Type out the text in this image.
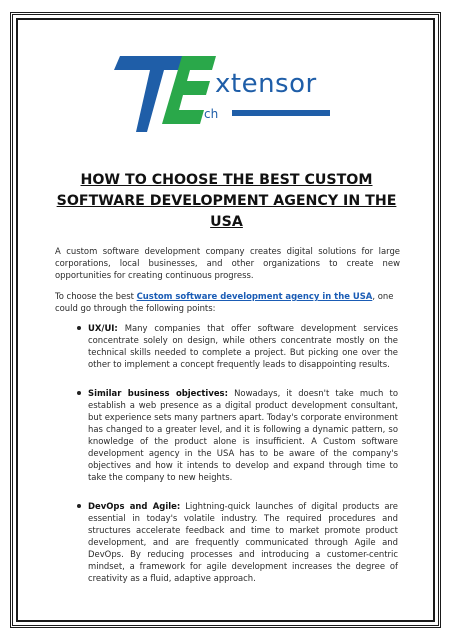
xtensor
ch
HOW TO CHOOSE THE BEST CUSTOM SOFTWARE DEVELOPMENT AGENCY IN THE USA

A custom software development company creates digital solutions for large corporations, local businesses, and other organizations to create new opportunities for creating continuous progress.

To choose the best Custom software development agency in the USA, one could go through the following points:

UX/UI: Many companies that offer software development services concentrate solely on design, while others concentrate mostly on the technical skills needed to complete a project. But picking one over the other to implement a concept frequently leads to disappointing results.
Similar business objectives: Nowadays, it doesn't take much to establish a web presence as a digital product development consultant, but experience sets many partners apart. Today's corporate environment has changed to a greater level, and it is following a dynamic pattern, so knowledge of the product alone is insufficient. A Custom software development agency in the USA has to be aware of the company's objectives and how it intends to develop and expand through time to take the company to new heights.
DevOps and Agile: Lightning-quick launches of digital products are essential in today's volatile industry. The required procedures and structures accelerate feedback and time to market promote product development, and are frequently communicated through Agile and DevOps. By reducing processes and introducing a customer-centric mindset, a framework for agile development increases the degree of creativity as a fluid, adaptive approach.
